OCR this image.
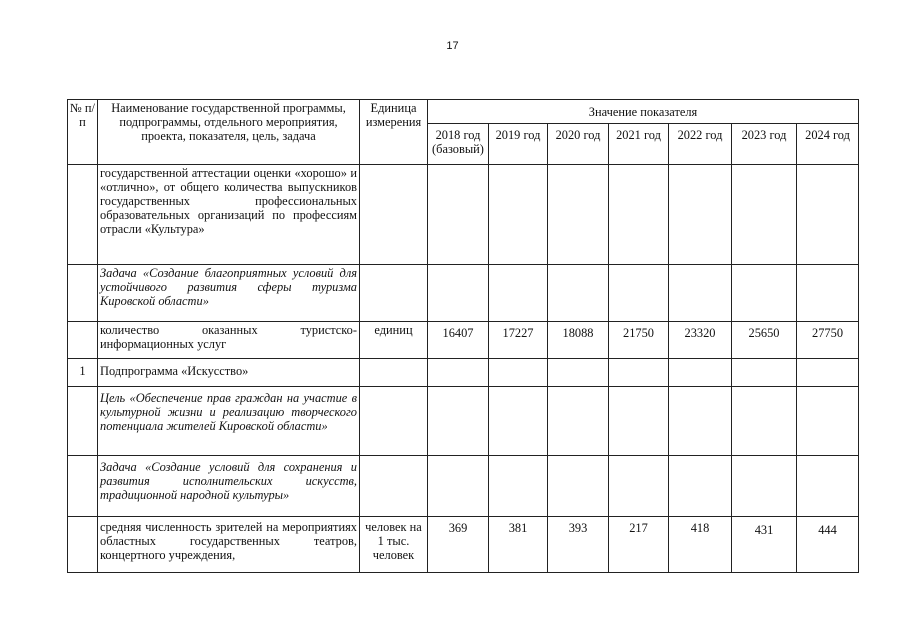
17
№ п/п	Наименование государственной программы, подпрограммы, отдельного мероприятия, проекта, показателя, цель, задача	Единица измерения	Значение показателя						
			2018 год (базовый)	2019 год	2020 год	2021 год	2022 год	2023 год	2024 год
	государственной аттестации оценки «хорошо» и «отлично», от общего количества выпускников государственных профессиональных образовательных организаций по профессиям отрасли «Культура»								
	Задача «Создание благоприятных условий для устойчивого развития сферы туризма Кировской области»								
	количество оказанных туристско-информационных услуг	единиц	16407	17227	18088	21750	23320	25650	27750
1	Подпрограмма «Искусство»								
	Цель «Обеспечение прав граждан на участие в культурной жизни и реализацию творческого потенциала жителей Кировской области»								
	Задача «Создание условий для сохранения и развития исполнительских искусств, традиционной народной культуры»								
	средняя численность зрителей на мероприятиях областных государственных театров, концертного учреждения,	человек на 1 тыс. человек	369	381	393	217	418	431	444
